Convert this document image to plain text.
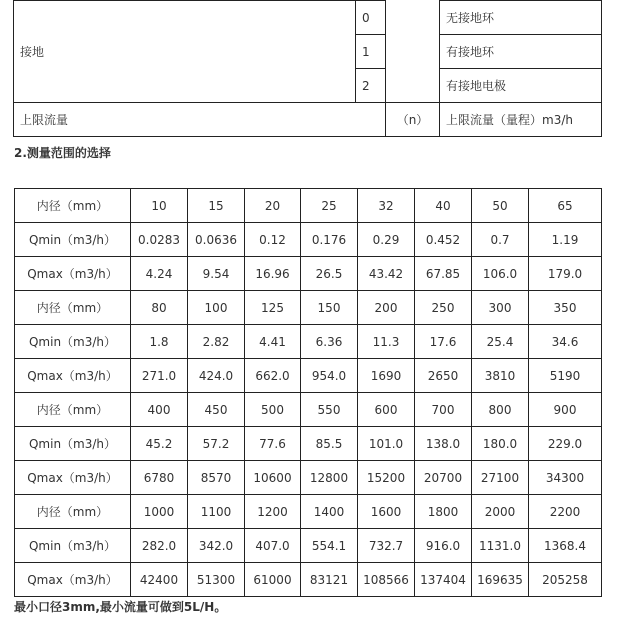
接地		0		无接地环
		1		有接地环
		2		有接地电极
上限流量			（n）	上限流量（量程）m3/h

2.测量范围的选择

内径（mm）	10	15	20	25	32	40	50	65
Qmin（m3/h）	0.0283	0.0636	0.12	0.176	0.29	0.452	0.7	1.19
Qmax（m3/h）	4.24	9.54	16.96	26.5	43.42	67.85	106.0	179.0
内径（mm）	80	100	125	150	200	250	300	350
Qmin（m3/h）	1.8	2.82	4.41	6.36	11.3	17.6	25.4	34.6
Qmax（m3/h）	271.0	424.0	662.0	954.0	1690	2650	3810	5190
内径（mm）	400	450	500	550	600	700	800	900
Qmin（m3/h）	45.2	57.2	77.6	85.5	101.0	138.0	180.0	229.0
Qmax（m3/h）	6780	8570	10600	12800	15200	20700	27100	34300
内径（mm）	1000	1100	1200	1400	1600	1800	2000	2200
Qmin（m3/h）	282.0	342.0	407.0	554.1	732.7	916.0	1131.0	1368.4
Qmax（m3/h）	42400	51300	61000	83121	108566	137404	169635	205258

最小口径3mm,最小流量可做到5L/H。
